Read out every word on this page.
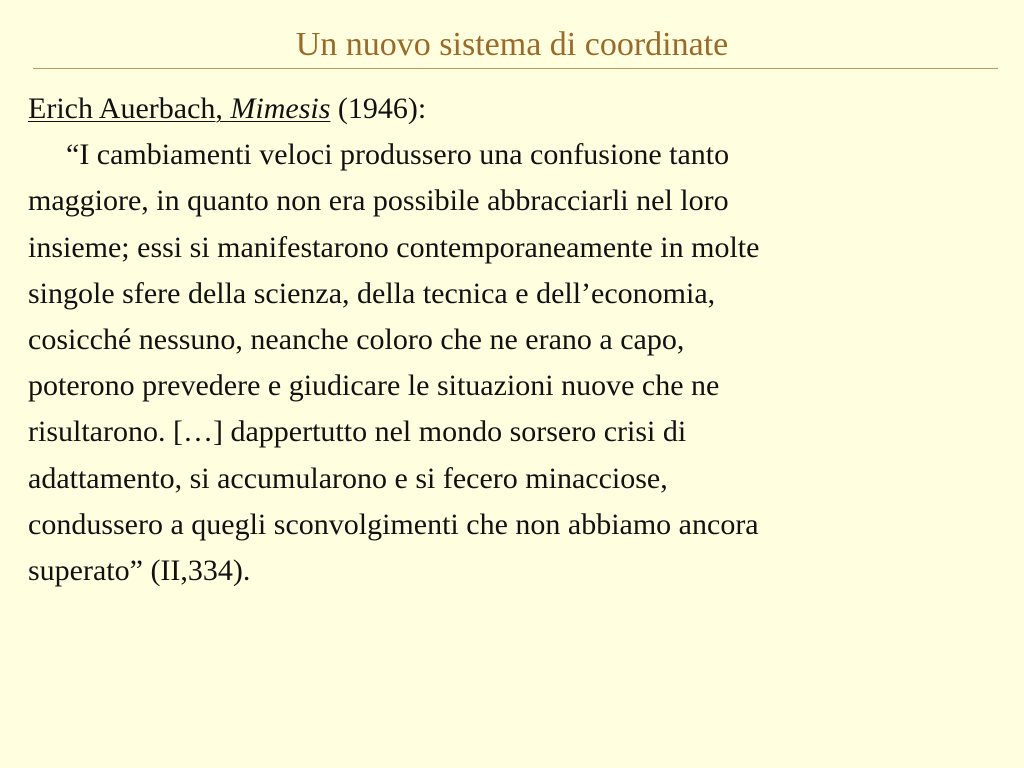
Un nuovo sistema di coordinate
Erich Auerbach, Mimesis (1946):
“I cambiamenti veloci produssero una confusione tanto
maggiore, in quanto non era possibile abbracciarli nel loro
insieme; essi si manifestarono contemporaneamente in molte
singole sfere della scienza, della tecnica e dell’economia,
cosicché nessuno, neanche coloro che ne erano a capo,
poterono prevedere e giudicare le situazioni nuove che ne
risultarono. […] dappertutto nel mondo sorsero crisi di
adattamento, si accumularono e si fecero minacciose,
condussero a quegli sconvolgimenti che non abbiamo ancora
superato” (II,334).
